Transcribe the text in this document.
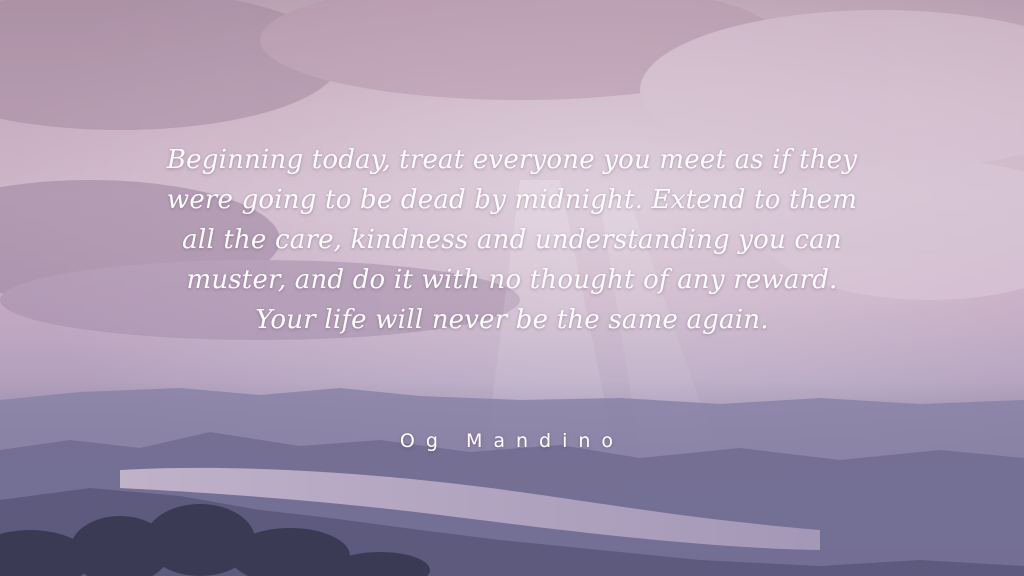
Beginning today, treat everyone you meet as if they were going to be dead by midnight. Extend to them all the care, kindness and understanding you can muster, and do it with no thought of any reward. Your life will never be the same again.

Og Mandino
